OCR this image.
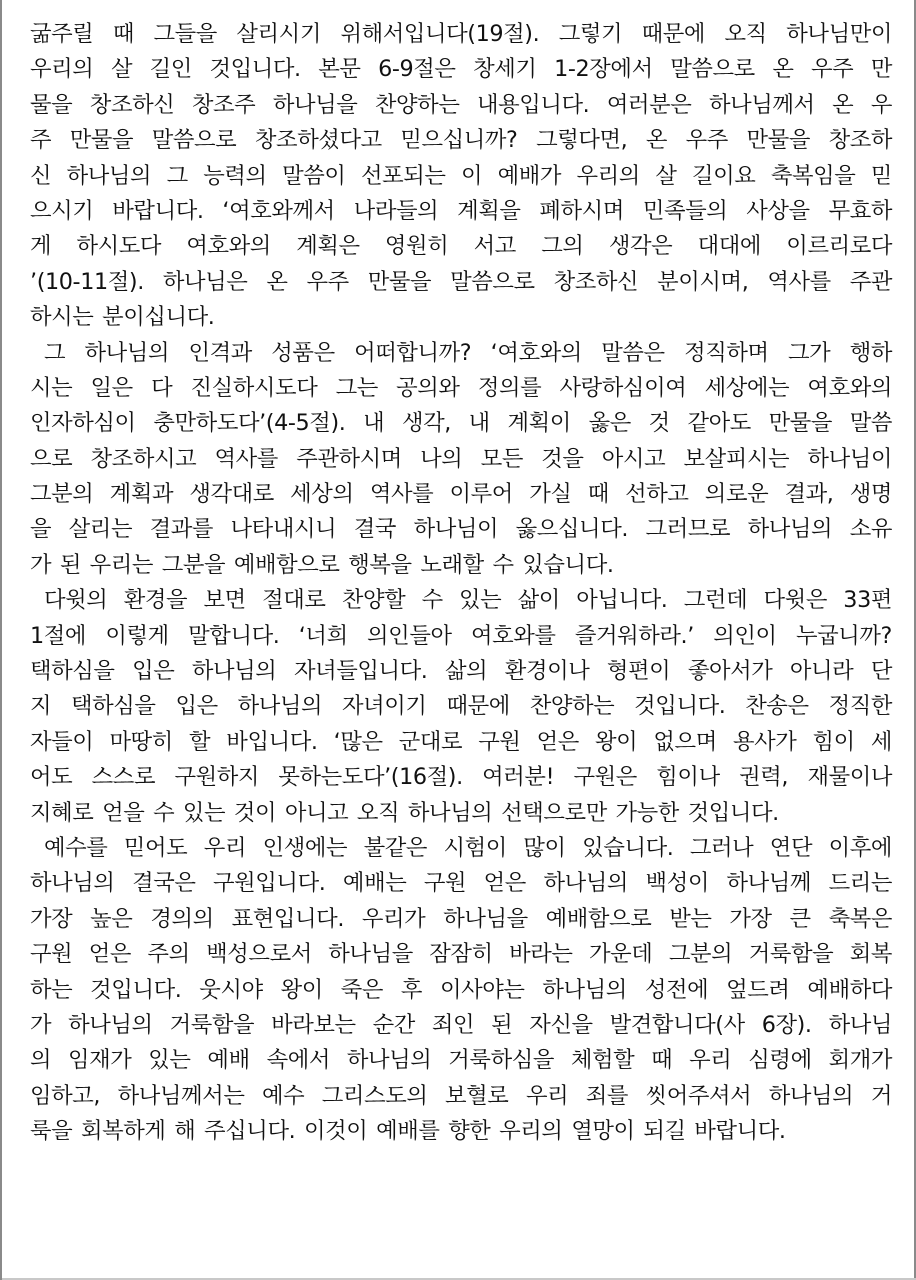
굶주릴 때 그들을 살리시기 위해서입니다(19절). 그렇기 때문에 오직 하나님만이
우리의 살 길인 것입니다. 본문 6-9절은 창세기 1-2장에서 말씀으로 온 우주 만
물을 창조하신 창조주 하나님을 찬양하는 내용입니다. 여러분은 하나님께서 온 우
주 만물을 말씀으로 창조하셨다고 믿으십니까? 그렇다면, 온 우주 만물을 창조하
신 하나님의 그 능력의 말씀이 선포되는 이 예배가 우리의 살 길이요 축복임을 믿
으시기 바랍니다. ‘여호와께서 나라들의 계획을 폐하시며 민족들의 사상을 무효하
게 하시도다 여호와의 계획은 영원히 서고 그의 생각은 대대에 이르리로다
’(10-11절). 하나님은 온 우주 만물을 말씀으로 창조하신 분이시며, 역사를 주관
하시는 분이십니다.
그 하나님의 인격과 성품은 어떠합니까? ‘여호와의 말씀은 정직하며 그가 행하
시는 일은 다 진실하시도다 그는 공의와 정의를 사랑하심이여 세상에는 여호와의
인자하심이 충만하도다’(4-5절). 내 생각, 내 계획이 옳은 것 같아도 만물을 말씀
으로 창조하시고 역사를 주관하시며 나의 모든 것을 아시고 보살피시는 하나님이
그분의 계획과 생각대로 세상의 역사를 이루어 가실 때 선하고 의로운 결과, 생명
을 살리는 결과를 나타내시니 결국 하나님이 옳으십니다. 그러므로 하나님의 소유
가 된 우리는 그분을 예배함으로 행복을 노래할 수 있습니다.
다윗의 환경을 보면 절대로 찬양할 수 있는 삶이 아닙니다. 그런데 다윗은 33편
1절에 이렇게 말합니다. ‘너희 의인들아 여호와를 즐거워하라.’ 의인이 누굽니까?
택하심을 입은 하나님의 자녀들입니다. 삶의 환경이나 형편이 좋아서가 아니라 단
지 택하심을 입은 하나님의 자녀이기 때문에 찬양하는 것입니다. 찬송은 정직한
자들이 마땅히 할 바입니다. ‘많은 군대로 구원 얻은 왕이 없으며 용사가 힘이 세
어도 스스로 구원하지 못하는도다’(16절). 여러분! 구원은 힘이나 권력, 재물이나
지혜로 얻을 수 있는 것이 아니고 오직 하나님의 선택으로만 가능한 것입니다.
예수를 믿어도 우리 인생에는 불같은 시험이 많이 있습니다. 그러나 연단 이후에
하나님의 결국은 구원입니다. 예배는 구원 얻은 하나님의 백성이 하나님께 드리는
가장 높은 경의의 표현입니다. 우리가 하나님을 예배함으로 받는 가장 큰 축복은
구원 얻은 주의 백성으로서 하나님을 잠잠히 바라는 가운데 그분의 거룩함을 회복
하는 것입니다. 웃시야 왕이 죽은 후 이사야는 하나님의 성전에 엎드려 예배하다
가 하나님의 거룩함을 바라보는 순간 죄인 된 자신을 발견합니다(사 6장). 하나님
의 임재가 있는 예배 속에서 하나님의 거룩하심을 체험할 때 우리 심령에 회개가
임하고, 하나님께서는 예수 그리스도의 보혈로 우리 죄를 씻어주셔서 하나님의 거
룩을 회복하게 해 주십니다. 이것이 예배를 향한 우리의 열망이 되길 바랍니다.
